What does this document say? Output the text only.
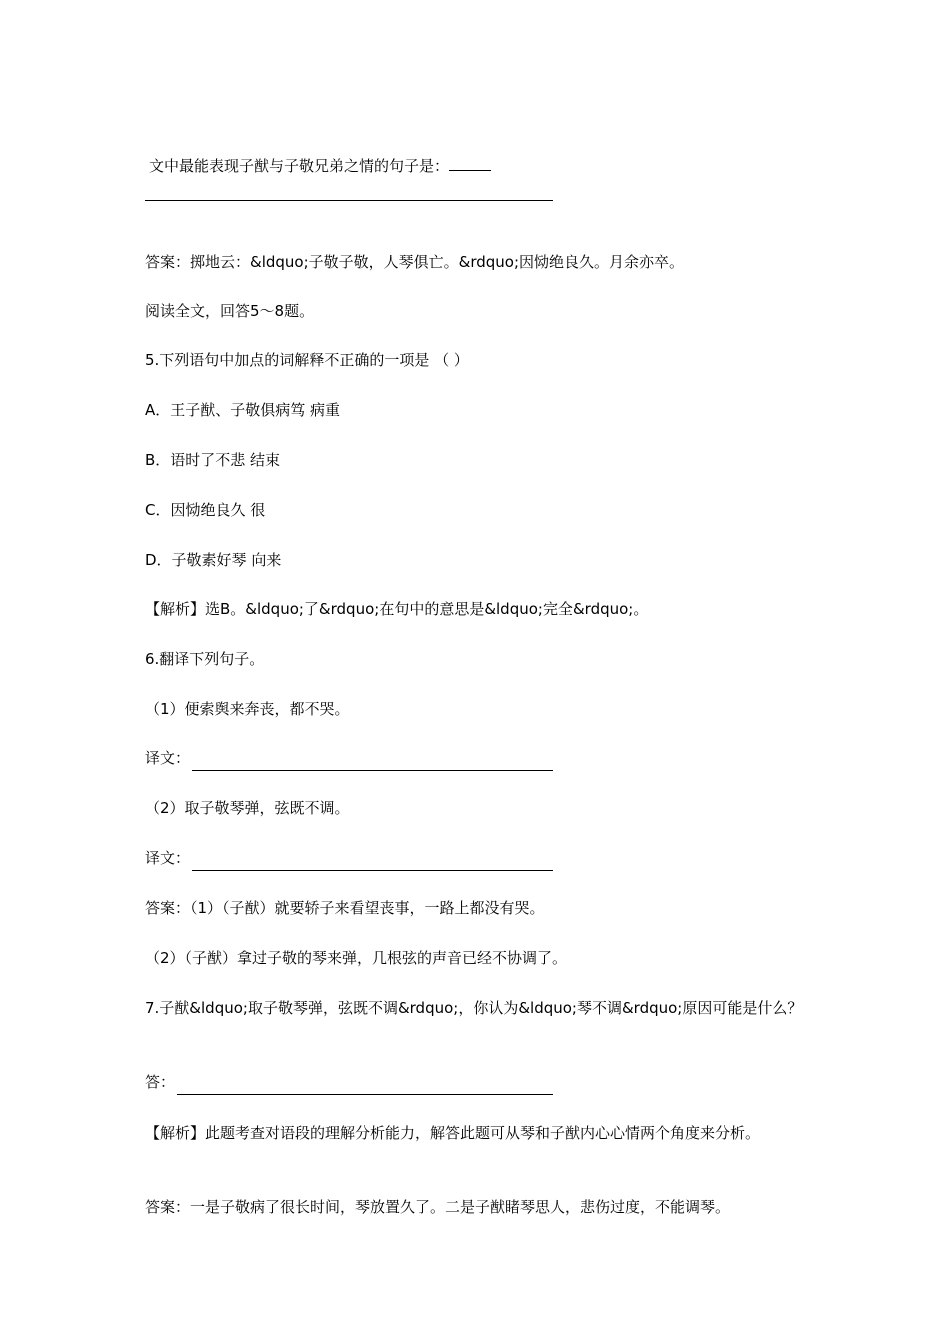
文中最能表现子猷与子敬兄弟之情的句子是：
答案：掷地云：&ldquo;子敬子敬，人琴俱亡。&rdquo;因恸绝良久。月余亦卒。
阅读全文，回答5～8题。
5.下列语句中加点的词解释不正确的一项是 （ ）
A．王子猷、子敬俱病笃 病重
B．语时了不悲 结束
C．因恸绝良久 很
D．子敬素好琴 向来
【解析】选B。&ldquo;了&rdquo;在句中的意思是&ldquo;完全&rdquo;。
6.翻译下列句子。
（1）便索舆来奔丧，都不哭。
译文：
（2）取子敬琴弹，弦既不调。
译文：
答案：（1）（子猷）就要轿子来看望丧事，一路上都没有哭。
（2）（子猷）拿过子敬的琴来弹，几根弦的声音已经不协调了。
7.子猷&ldquo;取子敬琴弹，弦既不调&rdquo;，你认为&ldquo;琴不调&rdquo;原因可能是什么？
答：
【解析】此题考查对语段的理解分析能力，解答此题可从琴和子猷内心心情两个角度来分析。
答案：一是子敬病了很长时间，琴放置久了。二是子猷睹琴思人，悲伤过度，不能调琴。
